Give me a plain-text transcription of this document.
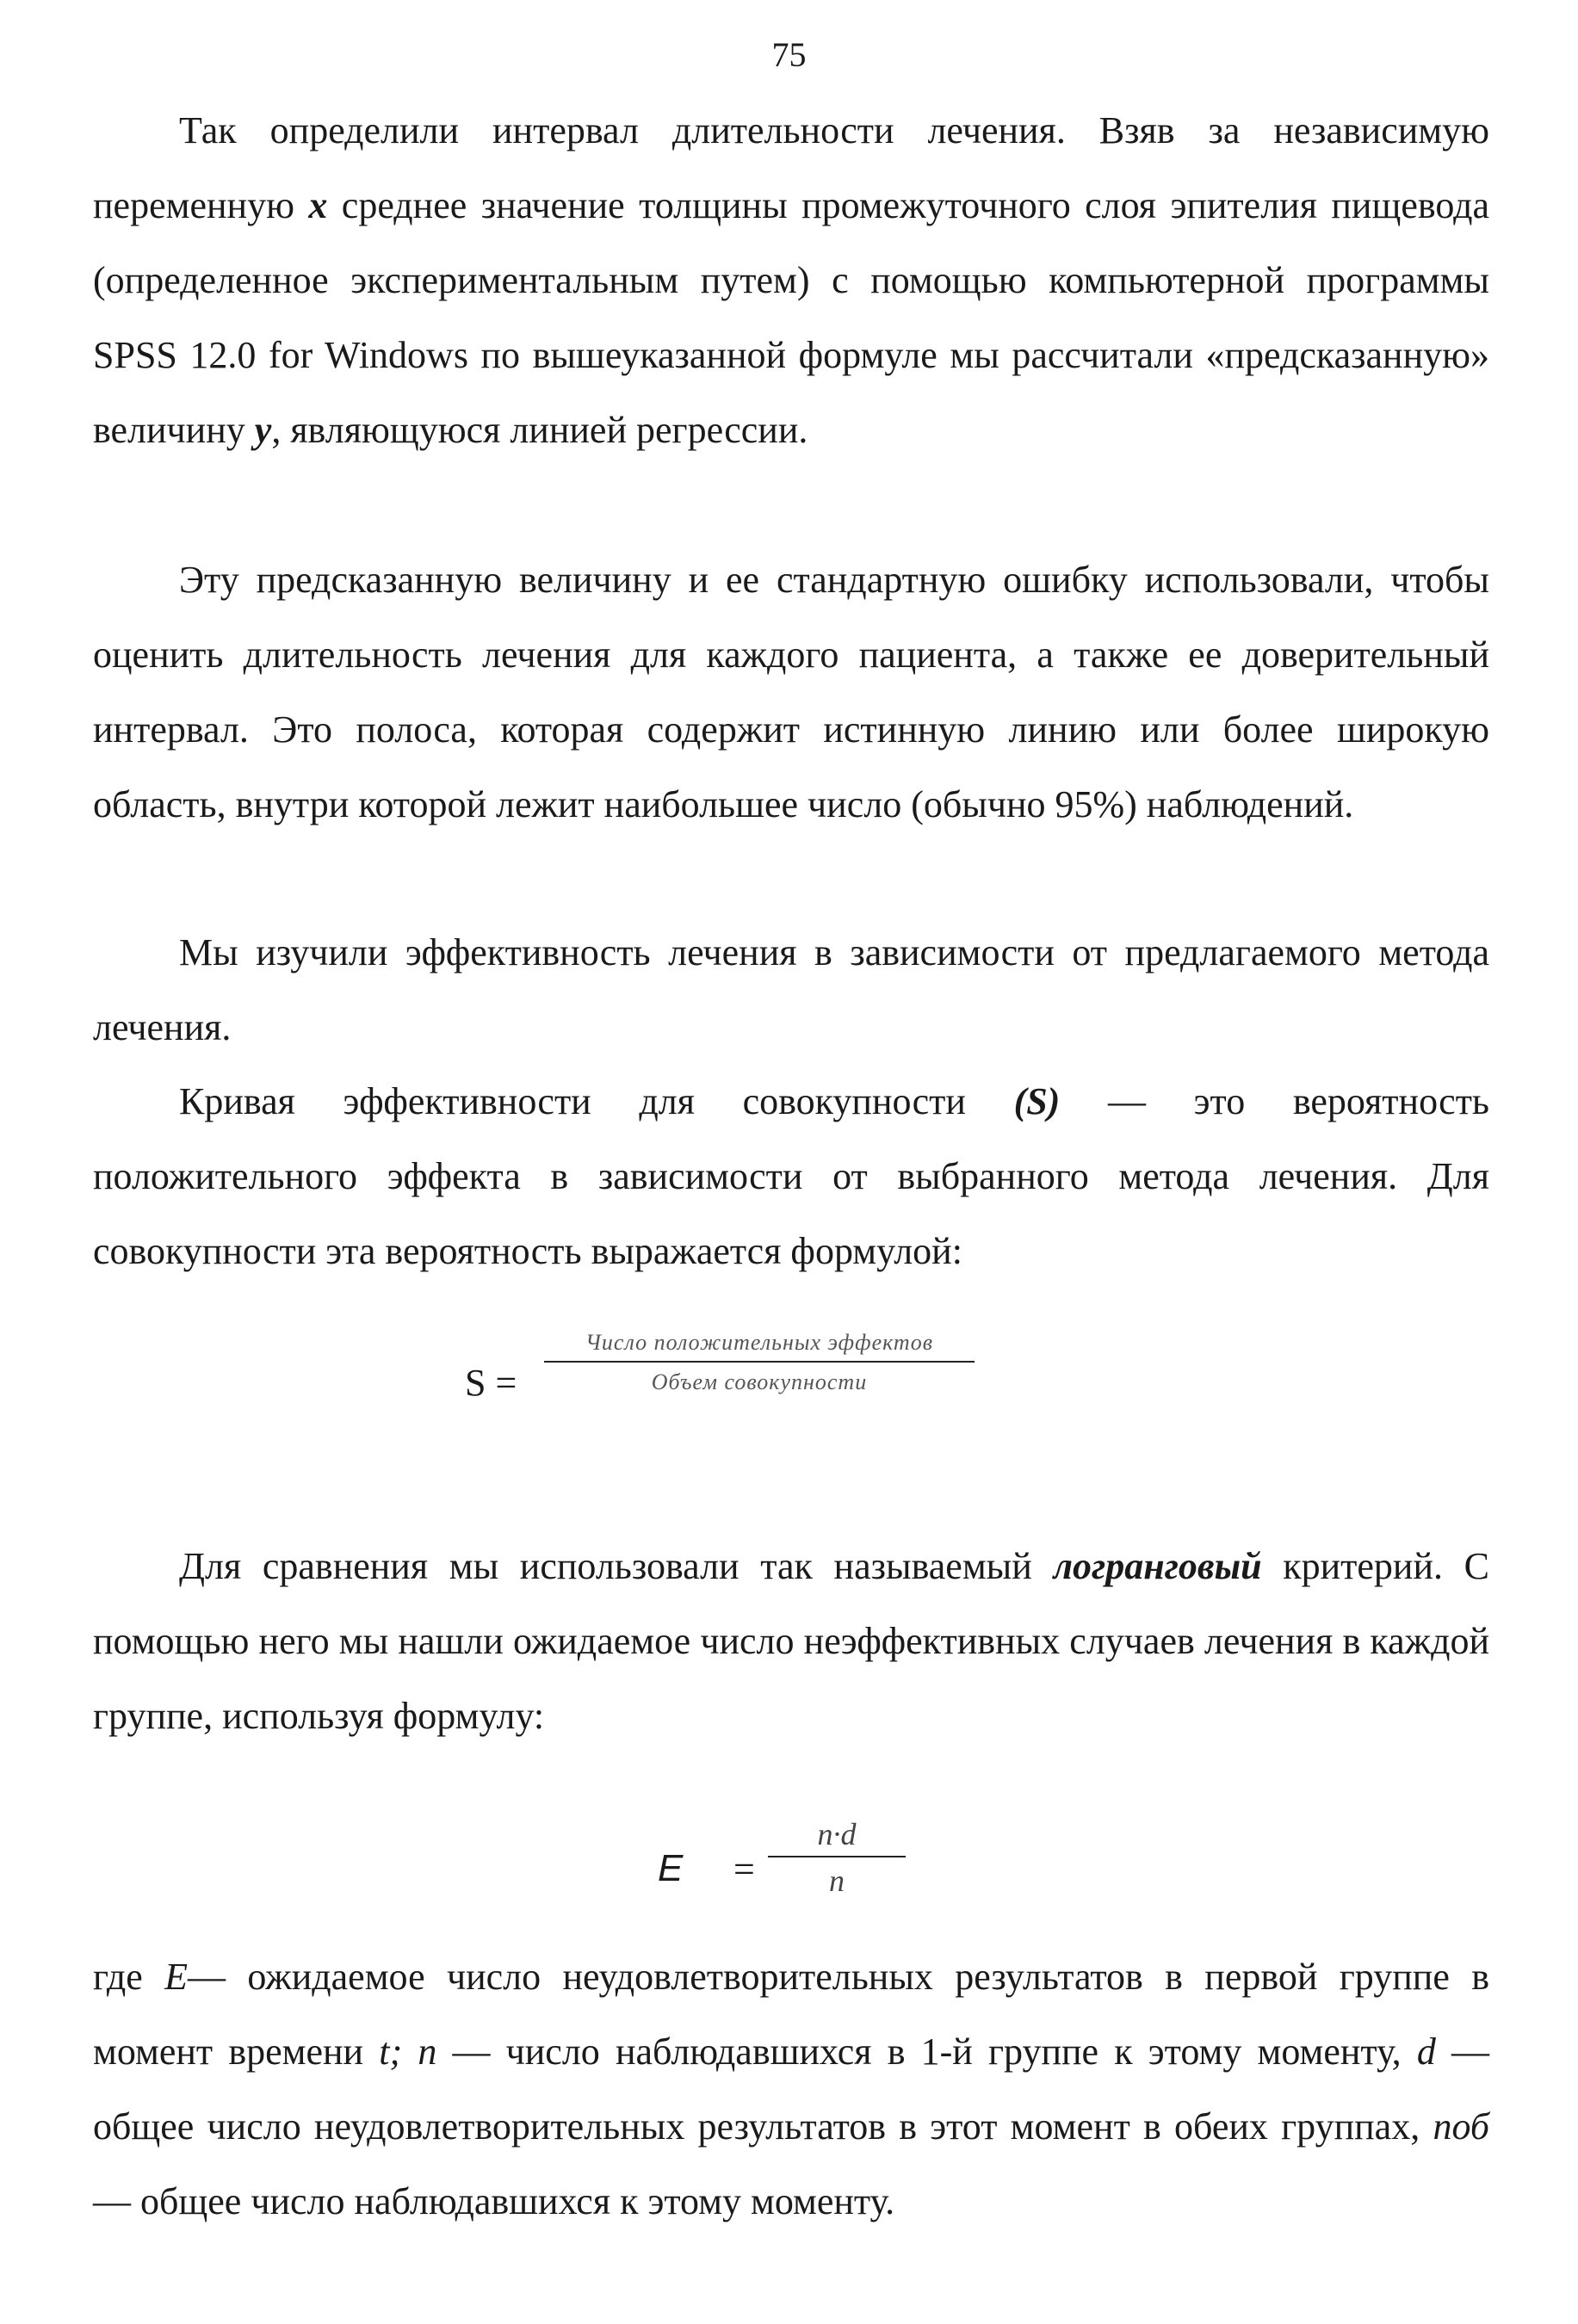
75

Так определили интервал длительности лечения. Взяв за независимую переменную x среднее значение толщины промежуточного слоя эпителия пищевода (определенное экспериментальным путем) с помощью компьютерной программы SPSS 12.0 for Windows по вышеуказанной формуле мы рассчитали «предсказанную» величину y, являющуюся линией регрессии.

Эту предсказанную величину и ее стандартную ошибку использовали, чтобы оценить длительность лечения для каждого пациента, а также ее доверительный интервал. Это полоса, которая содержит истинную линию или более широкую область, внутри которой лежит наибольшее число (обычно 95%) наблюдений.

Мы изучили эффективность лечения в зависимости от предлагаемого метода лечения.

Кривая эффективности для совокупности (S) — это вероятность положительного эффекта в зависимости от выбранного метода лечения. Для совокупности эта вероятность выражается формулой:

S =
Число положительных эффектов
Объем совокупности

Для сравнения мы использовали так называемый логранговый критерий. С помощью него мы нашли ожидаемое число неэффективных случаев лечения в каждой группе, используя формулу:

E =
n·d
n

где E— ожидаемое число неудовлетворительных результатов в первой группе в момент времени t; n — число наблюдавшихся в 1-й группе к этому моменту, d — общее число неудовлетворительных результатов в этот момент в обеих группах, nоб — общее число наблюдавшихся к этому моменту.
